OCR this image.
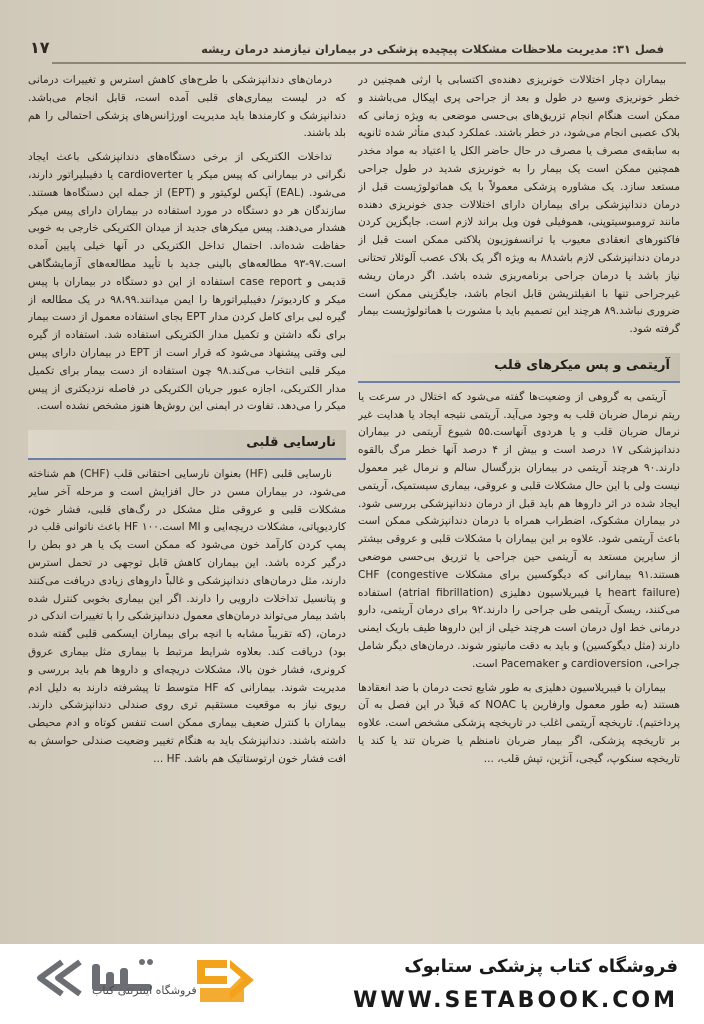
فصل ۳۱: مدیریت ملاحظات مشکلات پیچیده پزشکی در بیماران نیازمند درمان ریشه
۱۷

بیماران دچار اختلالات خونریزی دهنده‌ی اکتسابی یا ارثی همچنین در خطر خونریزی وسیع در طول و بعد از جراحی پری اپیکال می‌باشند و ممکن است هنگام انجام تزریق‌های بی‌حسی موضعی به ویژه زمانی که بلاک عصبی انجام می‌شود، در خطر باشند. عملکرد کبدی متأثر شده ثانویه به سابقه‌ی مصرف یا مصرف در حال حاضر الکل یا اعتیاد به مواد مخدر همچنین ممکن است یک بیمار را به خونریزی شدید در طول جراحی مستعد سازد. یک مشاوره پزشکی معمولاً با یک هماتولوژیست قبل از درمان دندانپزشکی برای بیماران دارای اختلالات جدی خونریزی دهنده مانند ترومبوسیتوپنی، هموفیلی فون ویل براند لازم است. جایگزین کردن فاکتورهای انعقادی معیوب یا ترانسفوزیون پلاکتی ممکن است قبل از درمان دندانپزشکی لازم باشد۸۸ به ویژه اگر یک بلاک عصب آلوئلار تحتانی نیاز باشد یا درمان جراحی برنامه‌ریزی شده باشد. اگر درمان ریشه غیرجراحی تنها با انفیلتریشن قابل انجام باشد، جایگزینی ممکن است ضروری نباشد.۸۹ هرچند این تصمیم باید با مشورت با هماتولوژیست بیمار گرفته شود.

آریتمی و پس میکرهای قلب

آریتمی به گروهی از وضعیت‌ها گفته می‌شود که اختلال در سرعت یا ریتم نرمال ضربان قلب به وجود می‌آید. آریتمی نتیجه ایجاد یا هدایت غیر نرمال ضربان قلب و یا هردوی آنهاست.۵۵ شیوع آریتمی در بیماران دندانپزشکی ۱۷ درصد است و بیش از ۴ درصد آنها خطر مرگ بالقوه دارند.۹۰ هرچند آریتمی در بیماران بزرگسال سالم و نرمال غیر معمول نیست ولی با این حال مشکلات قلبی و عروقی، بیماری سیستمیک، آریتمی ایجاد شده در اثر داروها هم باید قبل از درمان دندانپزشکی بررسی شود. در بیماران مشکوک، اضطراب همراه با درمان دندانپزشکی ممکن است باعث آریتمی شود. علاوه بر این بیماران با مشکلات قلبی و عروقی بیشتر از سایرین مستعد به آریتمی حین جراحی یا تزریق بی‌حسی موضعی هستند.۹۱ بیمارانی که دیگوکسین برای مشکلات CHF (congestive heart failure) یا فیبریلاسیون دهلیزی (atrial fibrillation) استفاده می‌کنند، ریسک آریتمی طی جراحی را دارند.۹۲ برای درمان آریتمی، دارو درمانی خط اول درمان است هرچند خیلی از این داروها طیف باریک ایمنی دارند (مثل دیگوکسین) و باید به دقت مانیتور شوند. درمان‌های دیگر شامل جراحی، cardioversion و Pacemaker است.

بیماران با فیبریلاسیون دهلیزی به طور شایع تحت درمان با ضد انعقادها هستند (به طور معمول وارفارین یا NOAC که قبلاً در این فصل به آن پرداختیم). تاریخچه آریتمی اغلب در تاریخچه پزشکی مشخص است. علاوه بر تاریخچه پزشکی، اگر بیمار ضربان نامنظم یا ضربان تند یا کند یا تاریخچه سنکوپ، گیجی، آنژین، تپش قلب، ...

درمان‌های دندانپزشکی با طرح‌های کاهش استرس و تغییرات درمانی که در لیست بیماری‌های قلبی آمده است، قابل انجام می‌باشد. دندانپزشک و کارمندها باید مدیریت اورژانس‌های پزشکی احتمالی را هم بلد باشند.

تداخلات الکتریکی از برخی دستگاه‌های دندانپزشکی باعث ایجاد نگرانی در بیمارانی که پیس میکر یا cardioverter یا دفیبلیراتور دارند، می‌شود. (EAL) آپکس لوکیتور و (EPT) از جمله این دستگاه‌ها هستند. سازندگان هر دو دستگاه در مورد استفاده در بیماران دارای پیس میکر هشدار می‌دهند. پیس میکرهای جدید از میدان الکتریکی خارجی به خوبی حفاظت شده‌اند. احتمال تداخل الکتریکی در آنها خیلی پایین آمده است.۹۷-۹۳ مطالعه‌های بالینی جدید با تأیید مطالعه‌های آزمایشگاهی قدیمی و case report استفاده از این دو دستگاه در بیماران با پیس میکر و کاردیوتر/ دفیبلیراتورها را ایمن میدانند.۹۸،۹۹ در یک مطالعه از گیره لبی برای کامل کردن مدار EPT بجای استفاده معمول از دست بیمار برای نگه داشتن و تکمیل مدار الکتریکی استفاده شد. استفاده از گیره لبی وقتی پیشنهاد می‌شود که قرار است از EPT در بیماران دارای پیس میکر قلبی انتخاب می‌کند.۹۸ چون استفاده از دست بیمار برای تکمیل مدار الکتریکی، اجازه عبور جریان الکتریکی در فاصله نزدیکتری از پیس میکر را می‌دهد. تفاوت در ایمنی این روش‌ها هنوز مشخص نشده است.

نارسایی قلبی

نارسایی قلبی (HF) بعنوان نارسایی احتقانی قلب (CHF) هم شناخته می‌شود، در بیماران مسن در حال افزایش است و مرحله آخر سایر مشکلات قلبی و عروقی مثل مشکل در رگ‌های قلبی، فشار خون، کاردیوپاتی، مشکلات دریچه‌ایی و MI است.۱۰۰ HF باعث ناتوانی قلب در پمپ کردن کارآمد خون می‌شود که ممکن است یک یا هر دو بطن را درگیر کرده باشد. این بیماران کاهش قابل توجهی در تحمل استرس دارند، مثل درمان‌های دندانپزشکی و غالباً داروهای زیادی دریافت می‌کنند و پتانسیل تداخلات دارویی را دارند. اگر این بیماری بخوبی کنترل شده باشد بیمار می‌تواند درمان‌های معمول دندانپزشکی را با تغییرات اندکی در درمان، (که تقریباً مشابه با انچه برای بیماران ایسکمی قلبی گفته شده بود) دریافت کند. بعلاوه شرایط مرتبط با بیماری مثل بیماری عروق کرونری، فشار خون بالا، مشکلات دریچه‌ای و داروها هم باید بررسی و مدیریت شوند. بیمارانی که HF متوسط تا پیشرفته دارند به دلیل ادم ریوی نیاز به موقعیت مستقیم تری روی صندلی دندانپزشکی دارند. بیماران با کنترل ضعیف بیماری ممکن است تنفس کوتاه و ادم محیطی داشته باشند. دندانپزشک باید به هنگام تغییر وضعیت صندلی حواسش به افت فشار خون ارتوستاتیک هم باشد. HF ...

فروشگاه اینترنتی کتاب
فروشگاه کتاب پزشکی ستابوک
WWW.SETABOOK.COM
